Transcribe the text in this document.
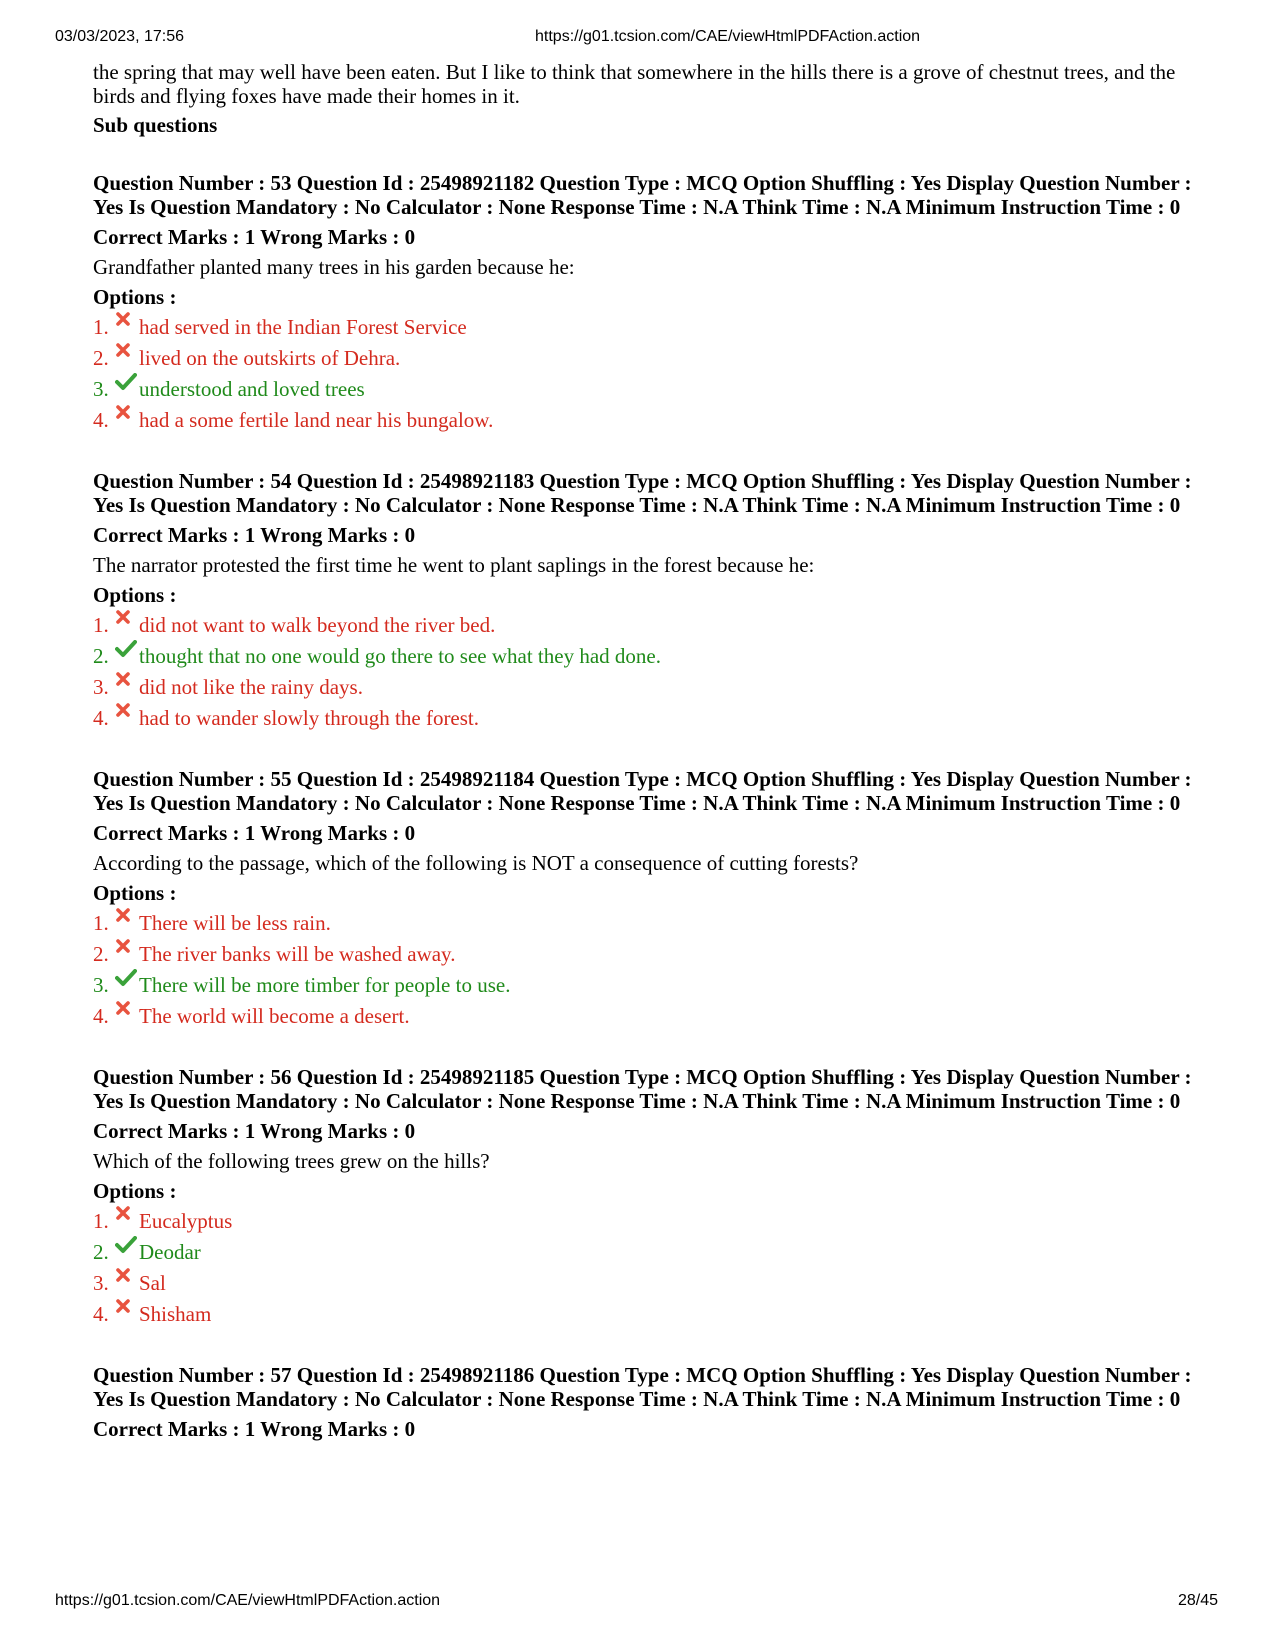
03/03/2023, 17:56	https://g01.tcsion.com/CAE/viewHtmlPDFAction.action

the spring that may well have been eaten. But I like to think that somewhere in the hills there is a grove of chestnut trees, and the birds and flying foxes have made their homes in it.

Sub questions

Question Number : 53 Question Id : 25498921182 Question Type : MCQ Option Shuffling : Yes Display Question Number : Yes Is Question Mandatory : No Calculator : None Response Time : N.A Think Time : N.A Minimum Instruction Time : 0

Correct Marks : 1 Wrong Marks : 0
Grandfather planted many trees in his garden because he:
Options :
1. had served in the Indian Forest Service
2. lived on the outskirts of Dehra.
3. understood and loved trees
4. had a some fertile land near his bungalow.

Question Number : 54 Question Id : 25498921183 Question Type : MCQ Option Shuffling : Yes Display Question Number : Yes Is Question Mandatory : No Calculator : None Response Time : N.A Think Time : N.A Minimum Instruction Time : 0

Correct Marks : 1 Wrong Marks : 0
The narrator protested the first time he went to plant saplings in the forest because he:
Options :
1. did not want to walk beyond the river bed.
2. thought that no one would go there to see what they had done.
3. did not like the rainy days.
4. had to wander slowly through the forest.

Question Number : 55 Question Id : 25498921184 Question Type : MCQ Option Shuffling : Yes Display Question Number : Yes Is Question Mandatory : No Calculator : None Response Time : N.A Think Time : N.A Minimum Instruction Time : 0

Correct Marks : 1 Wrong Marks : 0
According to the passage, which of the following is NOT a consequence of cutting forests?
Options :
1. There will be less rain.
2. The river banks will be washed away.
3. There will be more timber for people to use.
4. The world will become a desert.

Question Number : 56 Question Id : 25498921185 Question Type : MCQ Option Shuffling : Yes Display Question Number : Yes Is Question Mandatory : No Calculator : None Response Time : N.A Think Time : N.A Minimum Instruction Time : 0

Correct Marks : 1 Wrong Marks : 0
Which of the following trees grew on the hills?
Options :
1. Eucalyptus
2. Deodar
3. Sal
4. Shisham

Question Number : 57 Question Id : 25498921186 Question Type : MCQ Option Shuffling : Yes Display Question Number : Yes Is Question Mandatory : No Calculator : None Response Time : N.A Think Time : N.A Minimum Instruction Time : 0

Correct Marks : 1 Wrong Marks : 0
https://g01.tcsion.com/CAE/viewHtmlPDFAction.action	28/45
